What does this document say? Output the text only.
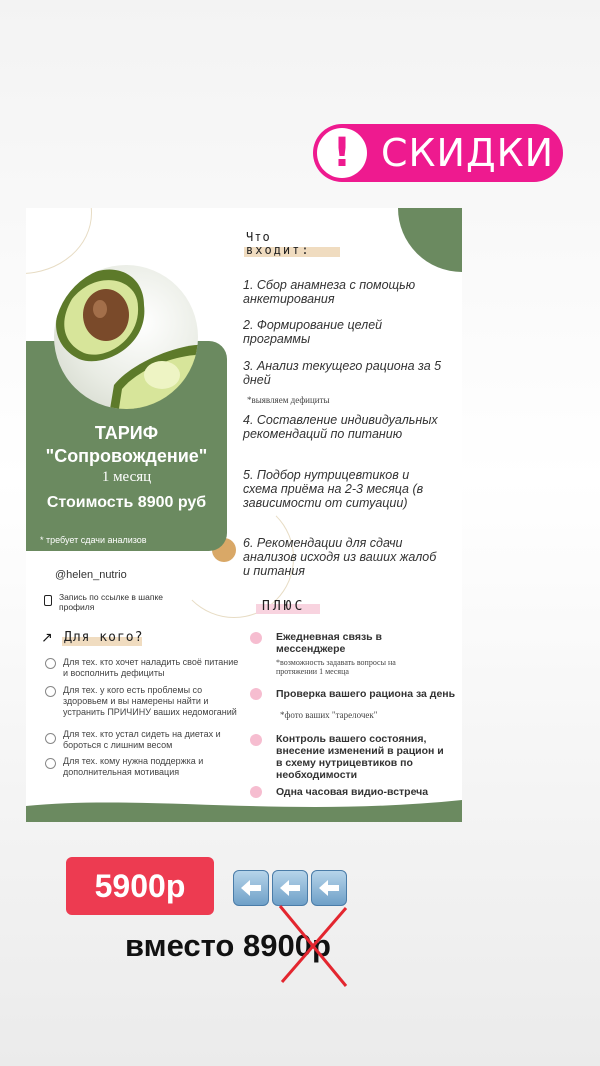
! СКИДКИ
ТАРИФ
"Сопровождение"
1 месяц
Стоимость 8900 руб
* требует сдачи анализов
@helen_nutrio
Запись по ссылке в шапке профиля
↗ Для кого?
Для тех. кто хочет наладить своё питание и восполнить дефициты
Для тех. у кого есть проблемы со здоровьем и вы намерены найти и устранить ПРИЧИНУ ваших недомоганий
Для тех. кто устал сидеть на диетах и бороться с лишним весом
Для тех. кому нужна поддержка и дополнительная мотивация
Что
входит:
1. Сбор анамнеза с помощью анкетирования
2. Формирование целей программы
3. Анализ текущего рациона за 5 дней
*выявляем дефициты
4. Составление индивидуальных рекомендаций по питанию
5. Подбор нутрицевтиков и схема приёма на 2-3 месяца (в зависимости от ситуации)
6. Рекомендации для сдачи анализов исходя из ваших жалоб и питания
ПЛЮС
Ежедневная связь в мессенджере
*возможность задавать вопросы на протяжении 1 месяца
Проверка вашего рациона за день
*фото ваших "тарелочек"
Контроль вашего состояния, внесение изменений в рацион и в схему нутрицевтиков по необходимости
Одна часовая видио-встреча
5900р
вместо 8900р
